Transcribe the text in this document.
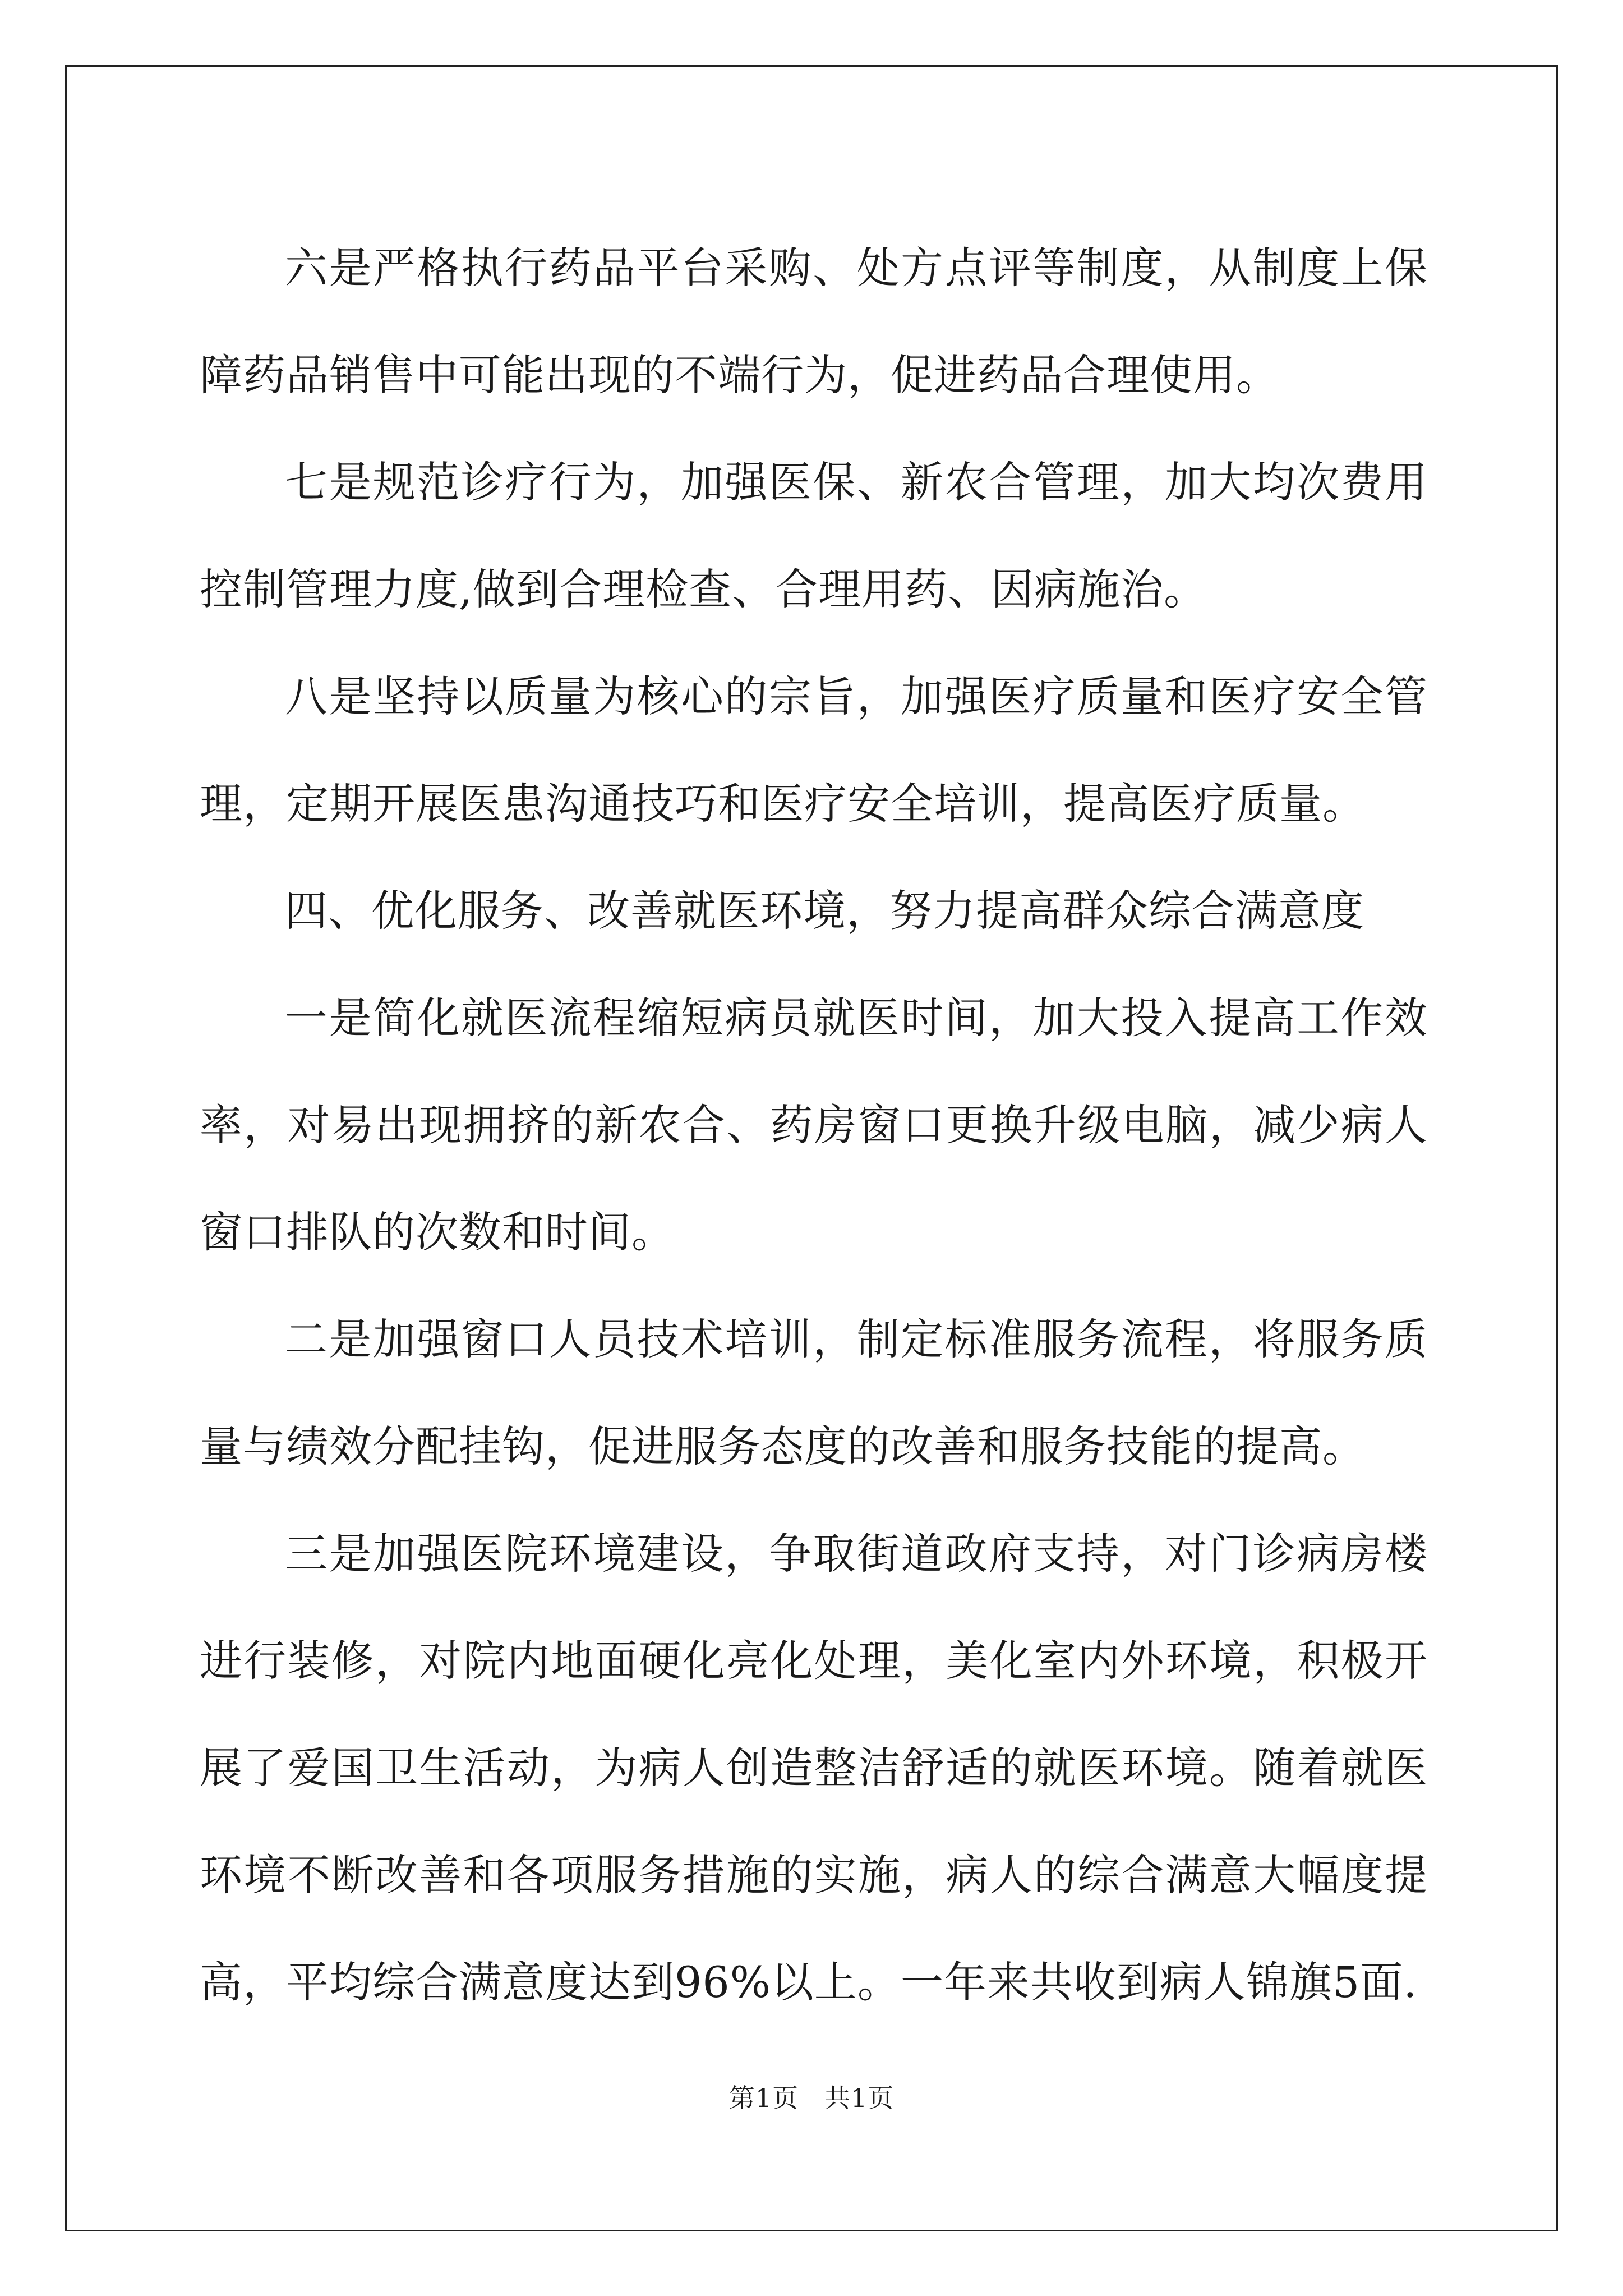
六是严格执行药品平台采购、处方点评等制度，从制度上保障药品销售中可能出现的不端行为，促进药品合理使用。

七是规范诊疗行为，加强医保、新农合管理，加大均次费用控制管理力度,做到合理检查、合理用药、因病施治。

八是坚持以质量为核心的宗旨，加强医疗质量和医疗安全管理，定期开展医患沟通技巧和医疗安全培训，提高医疗质量。

四、优化服务、改善就医环境，努力提高群众综合满意度

一是简化就医流程缩短病员就医时间，加大投入提高工作效率，对易出现拥挤的新农合、药房窗口更换升级电脑，减少病人窗口排队的次数和时间。

二是加强窗口人员技术培训，制定标准服务流程，将服务质量与绩效分配挂钩，促进服务态度的改善和服务技能的提高。

三是加强医院环境建设，争取街道政府支持，对门诊病房楼进行装修，对院内地面硬化亮化处理，美化室内外环境，积极开展了爱国卫生活动，为病人创造整洁舒适的就医环境。随着就医环境不断改善和各项服务措施的实施，病人的综合满意大幅度提高，平均综合满意度达到96%以上。一年来共收到病人锦旗5面.

第1页 共1页
